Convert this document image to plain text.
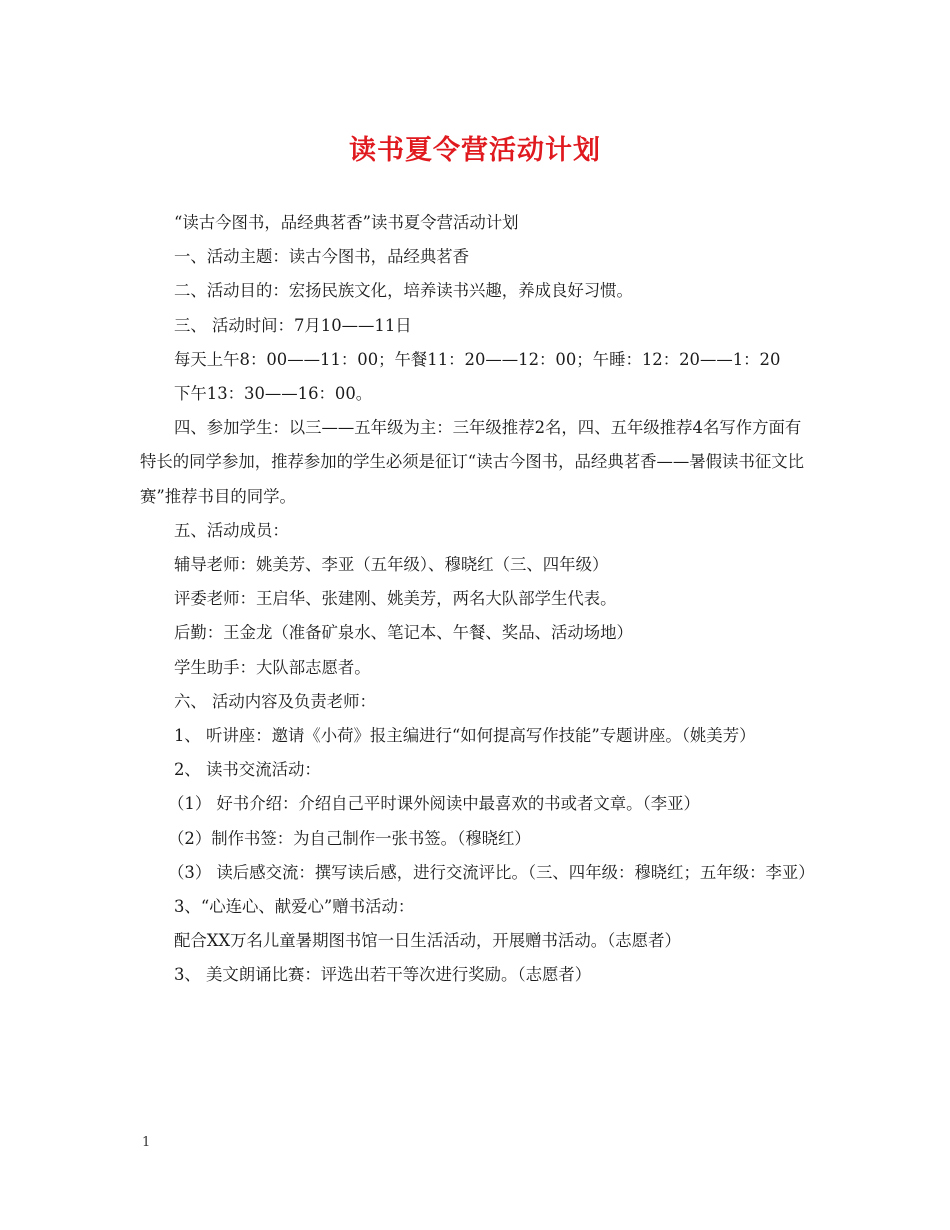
读书夏令营活动计划

“读古今图书，品经典茗香”读书夏令营活动计划

一、活动主题：读古今图书，品经典茗香

二、活动目的：宏扬民族文化，培养读书兴趣，养成良好习惯。

三、 活动时间：7月10——11日

每天上午8：00——11：00；午餐11：20——12：00；午睡：12：20——1：20

下午13：30——16：00。

四、参加学生：以三——五年级为主：三年级推荐2名，四、五年级推荐4名写作方面有特长的同学参加，推荐参加的学生必须是征订“读古今图书，品经典茗香——暑假读书征文比赛”推荐书目的同学。

五、活动成员：

辅导老师：姚美芳、李亚（五年级）、穆晓红（三、四年级）

评委老师：王启华、张建刚、姚美芳，两名大队部学生代表。

后勤：王金龙（准备矿泉水、笔记本、午餐、奖品、活动场地）

学生助手：大队部志愿者。

六、 活动内容及负责老师：

1、 听讲座：邀请《小荷》报主编进行“如何提高写作技能”专题讲座。（姚美芳）

2、 读书交流活动：

（1） 好书介绍：介绍自己平时课外阅读中最喜欢的书或者文章。（李亚）

（2）制作书签：为自己制作一张书签。（穆晓红）

（3） 读后感交流：撰写读后感，进行交流评比。（三、四年级：穆晓红；五年级：李亚）

3、“心连心、献爱心”赠书活动：

配合XX万名儿童暑期图书馆一日生活活动，开展赠书活动。（志愿者）

3、 美文朗诵比赛：评选出若干等次进行奖励。（志愿者）

1
